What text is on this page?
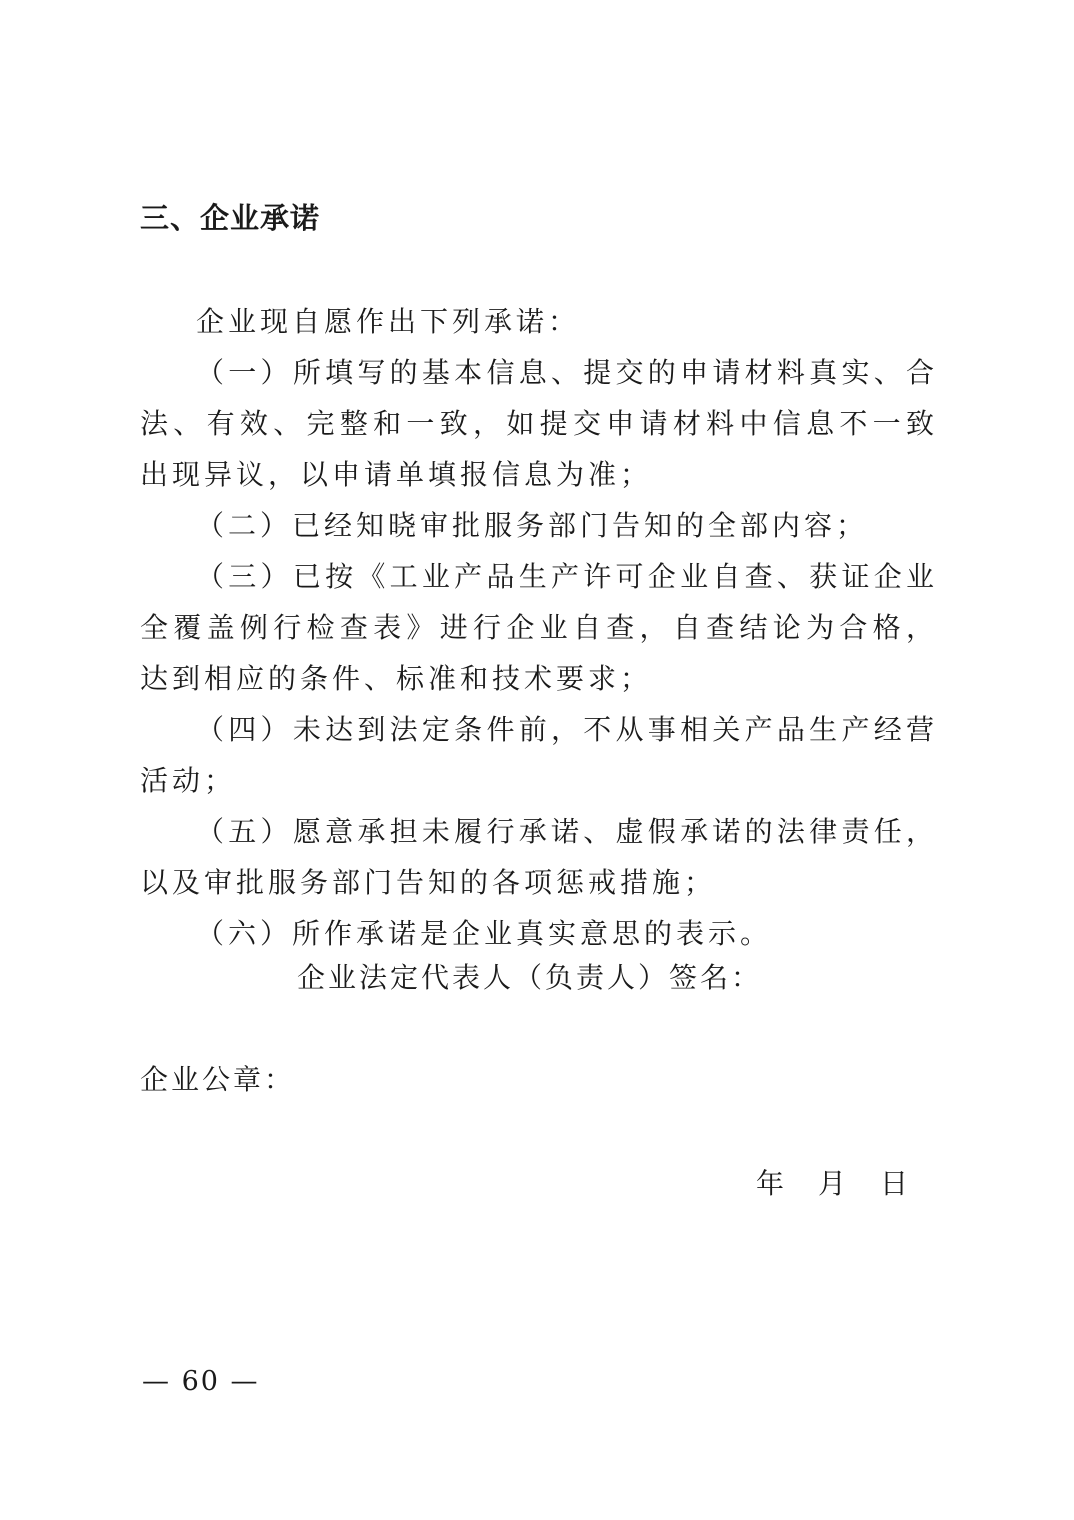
三、企业承诺

企业现自愿作出下列承诺：

（一）所填写的基本信息、提交的申请材料真实、合法、有效、完整和一致，如提交申请材料中信息不一致出现异议，以申请单填报信息为准；

（二）已经知晓审批服务部门告知的全部内容；

（三）已按《工业产品生产许可企业自查、获证企业全覆盖例行检查表》进行企业自查，自查结论为合格，达到相应的条件、标准和技术要求；

（四）未达到法定条件前，不从事相关产品生产经营活动；

（五）愿意承担未履行承诺、虚假承诺的法律责任，以及审批服务部门告知的各项惩戒措施；

（六）所作承诺是企业真实意思的表示。

企业法定代表人（负责人）签名：
企业公章：
年 月 日
— 60 —
